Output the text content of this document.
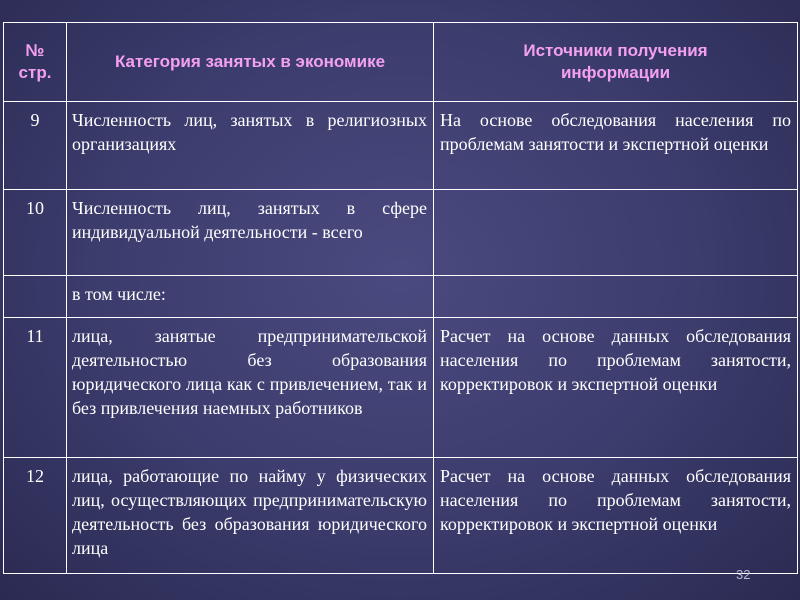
№ стр.	Категория занятых в экономике	Источники получения информации
9	Численность лиц, занятых в религиозных организациях	На основе обследования населения по проблемам занятости и экспертной оценки
10	Численность лиц, занятых в сфере индивидуальной деятельности - всего	
	в том числе:	
11	лица, занятые предпринимательской деятельностью без образования юридического лица как с привлечением, так и без привлечения наемных работников	Расчет на основе данных обследования населения по проблемам занятости, корректировок и экспертной оценки
12	лица, работающие по найму у физических лиц, осуществляющих предпринимательскую деятельность без образования юридического лица	Расчет на основе данных обследования населения по проблемам занятости, корректировок и экспертной оценки
32
